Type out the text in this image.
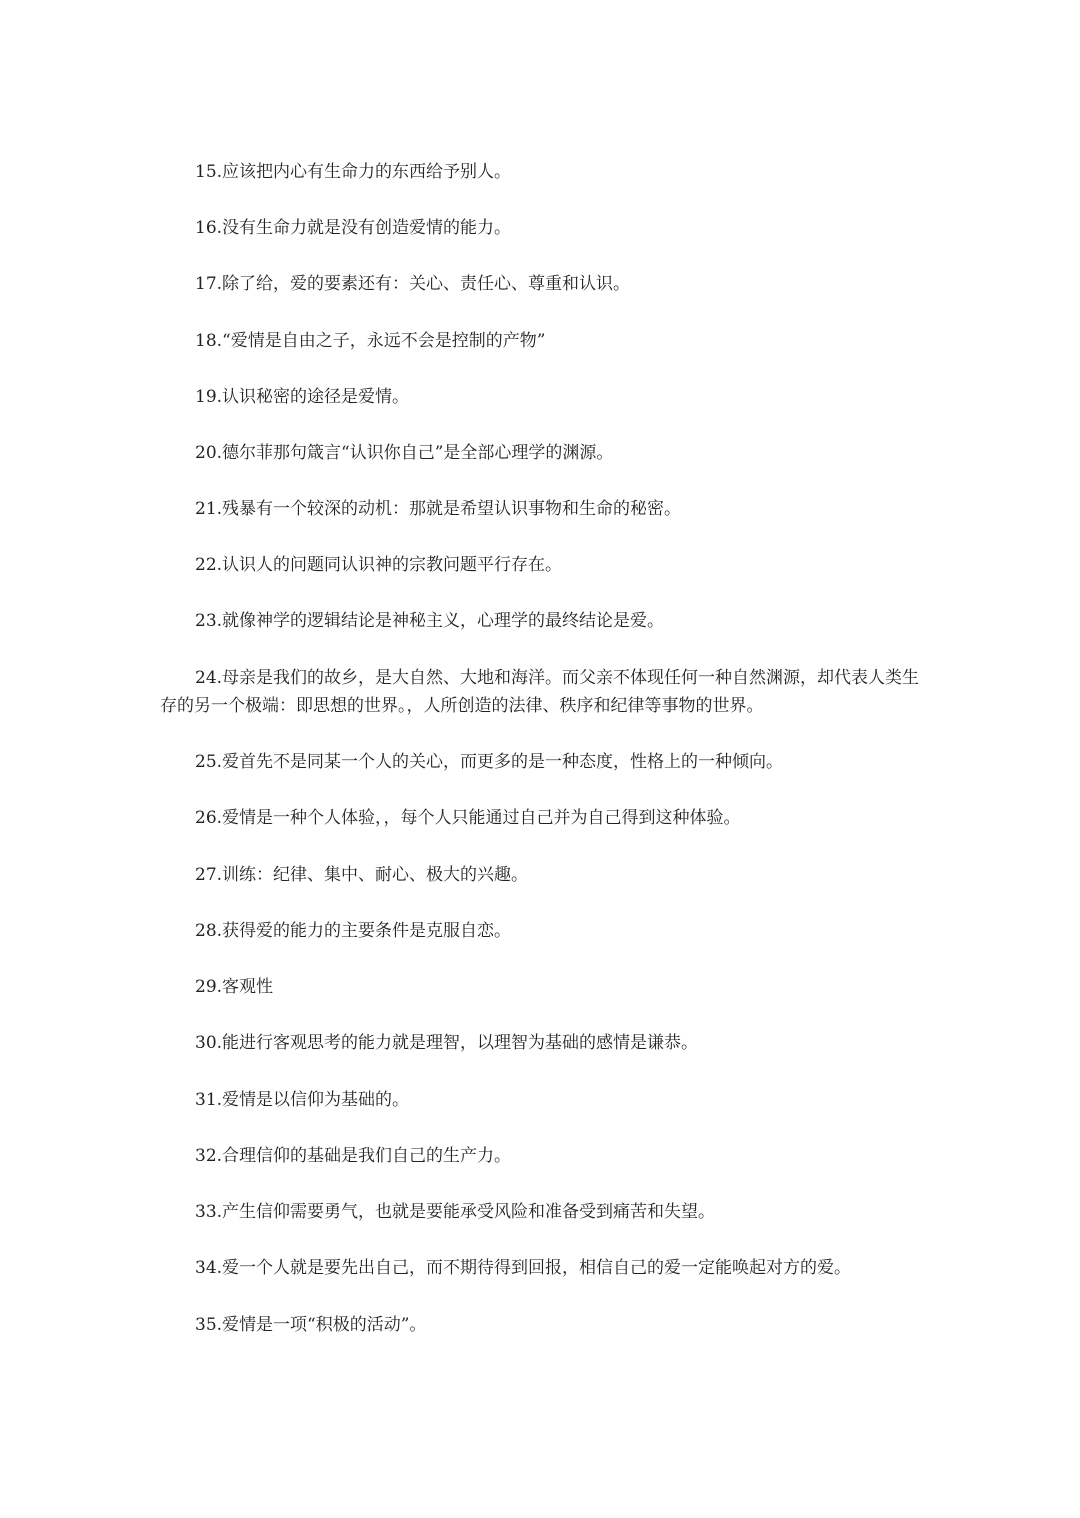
15.应该把内心有生命力的东西给予别人。

16.没有生命力就是没有创造爱情的能力。

17.除了给，爱的要素还有：关心、责任心、尊重和认识。

18.“爱情是自由之子，永远不会是控制的产物”

19.认识秘密的途径是爱情。

20.德尔菲那句箴言“认识你自己”是全部心理学的渊源。

21.残暴有一个较深的动机：那就是希望认识事物和生命的秘密。

22.认识人的问题同认识神的宗教问题平行存在。

23.就像神学的逻辑结论是神秘主义，心理学的最终结论是爱。

24.母亲是我们的故乡，是大自然、大地和海洋。而父亲不体现任何一种自然渊源，却代表人类生存的另一个极端：即思想的世界。，人所创造的法律、秩序和纪律等事物的世界。

25.爱首先不是同某一个人的关心，而更多的是一种态度，性格上的一种倾向。

26.爱情是一种个人体验，，每个人只能通过自己并为自己得到这种体验。

27.训练：纪律、集中、耐心、极大的兴趣。

28.获得爱的能力的主要条件是克服自恋。

29.客观性

30.能进行客观思考的能力就是理智，以理智为基础的感情是谦恭。

31.爱情是以信仰为基础的。

32.合理信仰的基础是我们自己的生产力。

33.产生信仰需要勇气，也就是要能承受风险和准备受到痛苦和失望。

34.爱一个人就是要先出自己，而不期待得到回报，相信自己的爱一定能唤起对方的爱。

35.爱情是一项“积极的活动”。
